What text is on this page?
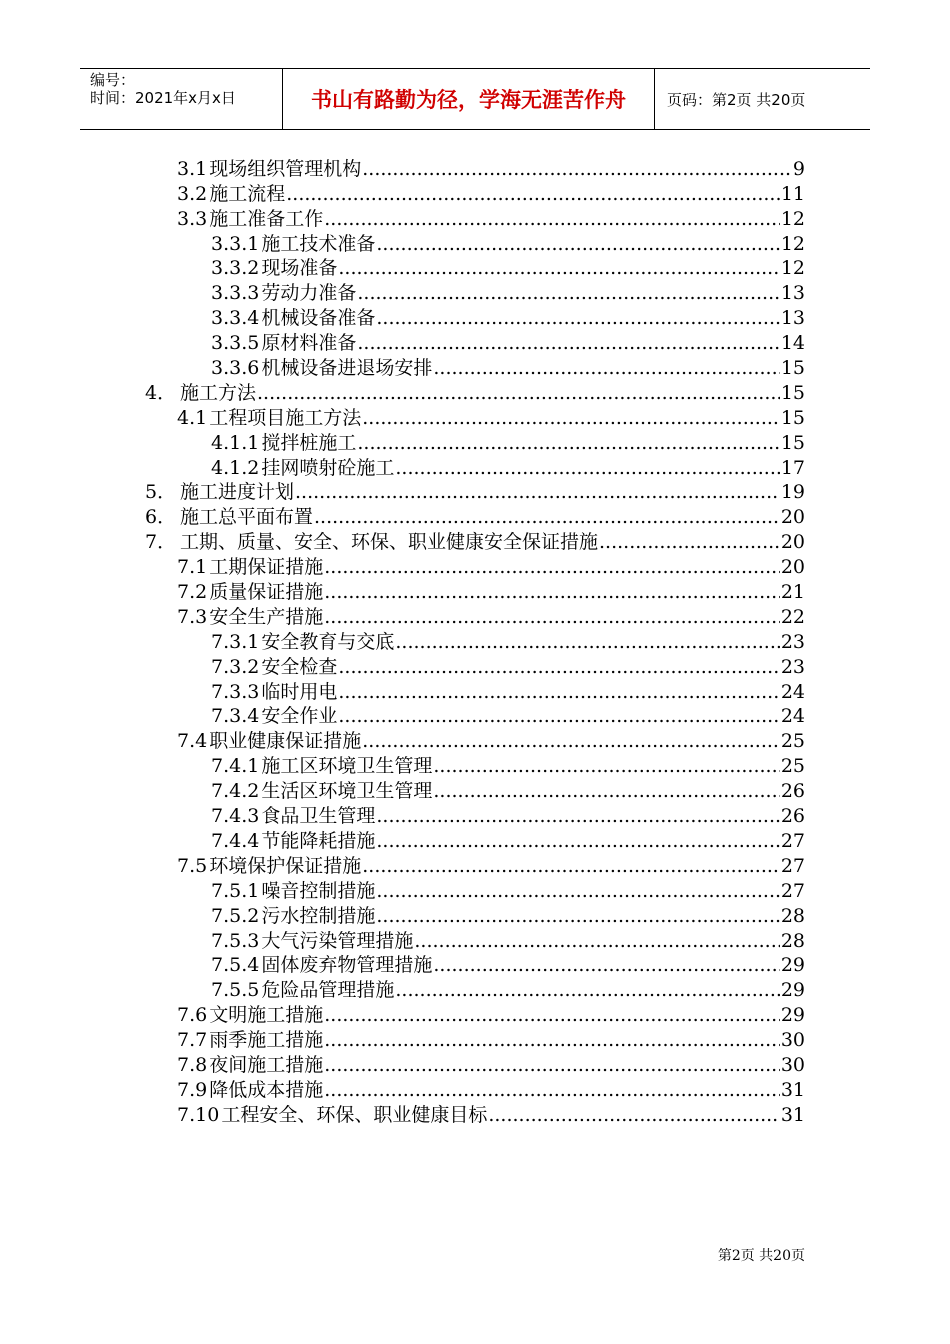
编号：
时间：2021年x月x日	书山有路勤为径，学海无涯苦作舟	页码：第2页 共20页
3.1 现场组织管理机构 .....	9
3.2 施工流程 .....	11
3.3 施工准备工作 .....	12
3.3.1 施工技术准备 .....	12
3.3.2 现场准备 .....	12
3.3.3 劳动力准备 .....	13
3.3.4 机械设备准备 .....	13
3.3.5 原材料准备 .....	14
3.3.6 机械设备进退场安排 .....	15
4． 施工方法 .....	15
4.1 工程项目施工方法 .....	15
4.1.1 搅拌桩施工 .....	15
4.1.2 挂网喷射砼施工 .....	17
5． 施工进度计划 .....	19
6． 施工总平面布置 .....	20
7． 工期、质量、安全、环保、职业健康安全保证措施 .....	20
7.1 工期保证措施 .....	20
7.2 质量保证措施 .....	21
7.3 安全生产措施 .....	22
7.3.1 安全教育与交底 .....	23
7.3.2 安全检查 .....	23
7.3.3 临时用电 .....	24
7.3.4 安全作业 .....	24
7.4 职业健康保证措施 .....	25
7.4.1 施工区环境卫生管理 .....	25
7.4.2 生活区环境卫生管理 .....	26
7.4.3 食品卫生管理 .....	26
7.4.4 节能降耗措施 .....	27
7.5 环境保护保证措施 .....	27
7.5.1 噪音控制措施 .....	27
7.5.2 污水控制措施 .....	28
7.5.3 大气污染管理措施 .....	28
7.5.4 固体废弃物管理措施 .....	29
7.5.5 危险品管理措施 .....	29
7.6 文明施工措施 .....	29
7.7 雨季施工措施 .....	30
7.8 夜间施工措施 .....	30
7.9 降低成本措施 .....	31
7.10 工程安全、环保、职业健康目标 .....	31
第2页 共20页
